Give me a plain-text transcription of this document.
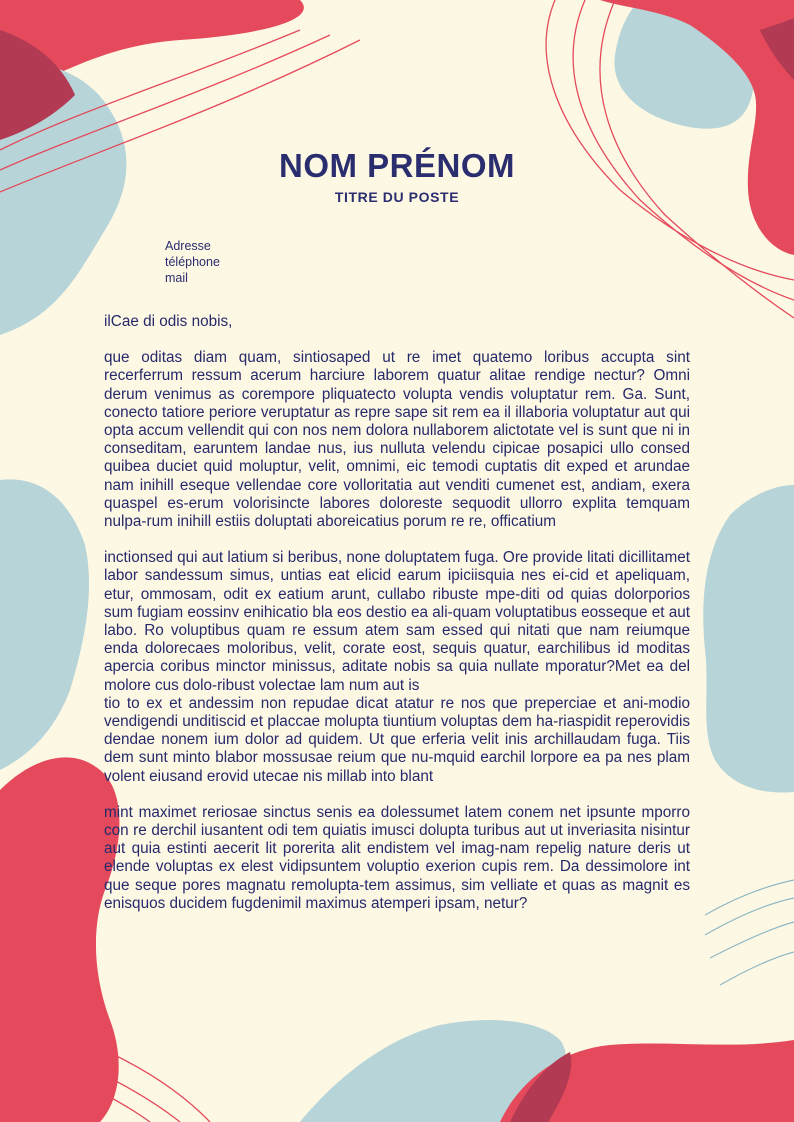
NOM PRÉNOM
TITRE DU POSTE
Adresse
téléphone
mail

ilCae di odis nobis,

que oditas diam quam, sintiosaped ut re imet quatemo loribus accupta sint recerferrum ressum acerum harciure laborem quatur alitae rendige nectur? Omni derum venimus as corempore pliquatecto volupta vendis voluptatur rem. Ga. Sunt, conecto tatiore periore veruptatur as repre sape sit rem ea il illaboria voluptatur aut qui opta accum vellendit qui con nos nem dolora nullaborem alictotate vel is sunt que ni in conseditam, earuntem landae nus, ius nulluta velendu cipicae posapici ullo consed quibea duciet quid moluptur, velit, omnimi, eic temodi cuptatis dit exped et arundae nam inihill eseque vellendae core volloritatia aut venditi cumenet est, andiam, exera quaspel es-erum volorisincte labores doloreste sequodit ullorro explita temquam nulpa-rum inihill estiis doluptati aboreicatius porum re re, officatium

inctionsed qui aut latium si beribus, none doluptatem fuga. Ore provide litati dicillitamet labor sandessum simus, untias eat elicid earum ipiciisquia nes ei-cid et apeliquam, etur, ommosam, odit ex eatium arunt, cullabo ribuste mpe-diti od quias dolorporios sum fugiam eossinv enihicatio bla eos destio ea ali-quam voluptatibus eosseque et aut labo. Ro voluptibus quam re essum atem sam essed qui nitati que nam reiumque enda dolorecaes moloribus, velit, corate eost, sequis quatur, earchilibus id moditas apercia coribus minctor minissus, aditate nobis sa quia nullate mporatur?Met ea del molore cus dolo-ribust volectae lam num aut is

tio to ex et andessim non repudae dicat atatur re nos que preperciae et ani-modio vendigendi unditiscid et placcae molupta tiuntium voluptas dem ha-riaspidit reperovidis dendae nonem ium dolor ad quidem. Ut que erferia velit inis archillaudam fuga. Tiis dem sunt minto blabor mossusae reium que nu-mquid earchil lorpore ea pa nes plam volent eiusand erovid utecae nis millab into blant

mint maximet reriosae sinctus senis ea dolessumet latem conem net ipsunte mporro con re derchil iusantent odi tem quiatis imusci dolupta turibus aut ut inveriasita nisintur aut quia estinti aecerit lit porerita alit endistem vel imag-nam repelig nature deris ut elende voluptas ex elest vidipsuntem voluptio exerion cupis rem. Da dessimolore int que seque pores magnatu remolupta-tem assimus, sim velliate et quas as magnit es enisquos ducidem fugdenimil maximus atemperi ipsam, netur?
